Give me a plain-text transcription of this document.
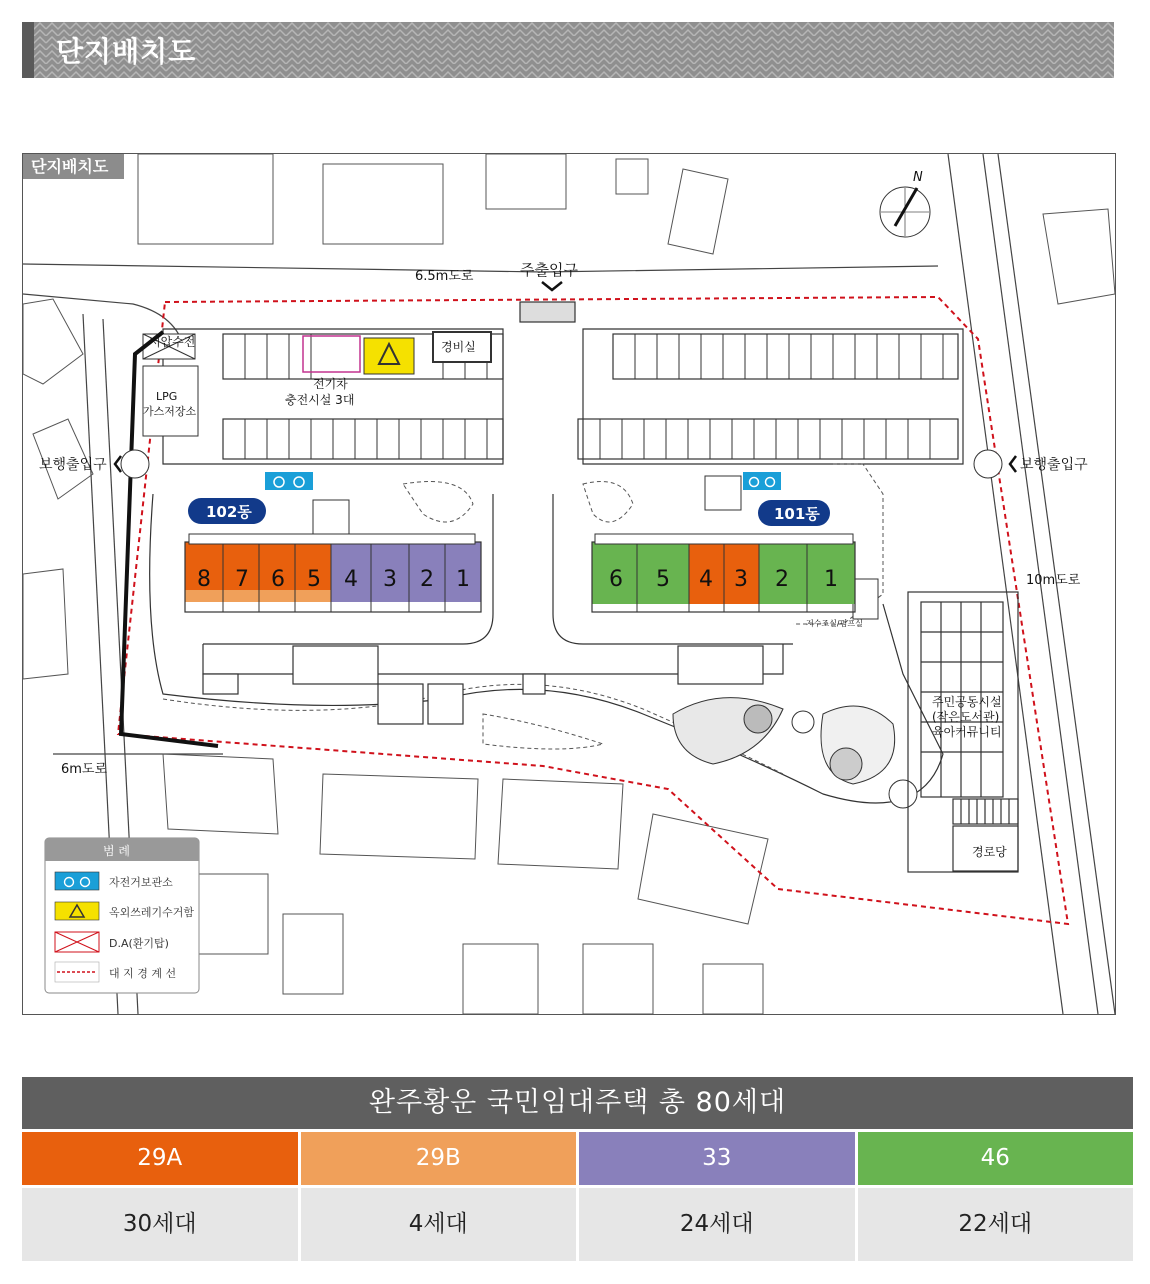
단지배치도
6.5m도로	주출입구
보행출입구	보행출입구
10m도로
6m도로
저압수전
LPG
가스저장소
경비실
전기차
충전시설 3대
저수조실/펌프실
주민공동시설
(작은도서관)
육아커뮤니티
경로당
N
102동	101동
8 7 6 5 4 3 2 1	6 5 4 3 2 1
범 례
자전거보관소
옥외쓰레기수거함
D.A(환기탑)
대 지 경 계 선
단지배치도
완주황운 국민임대주택 총 80세대
29A	29B	33	46
30세대	4세대	24세대	22세대
